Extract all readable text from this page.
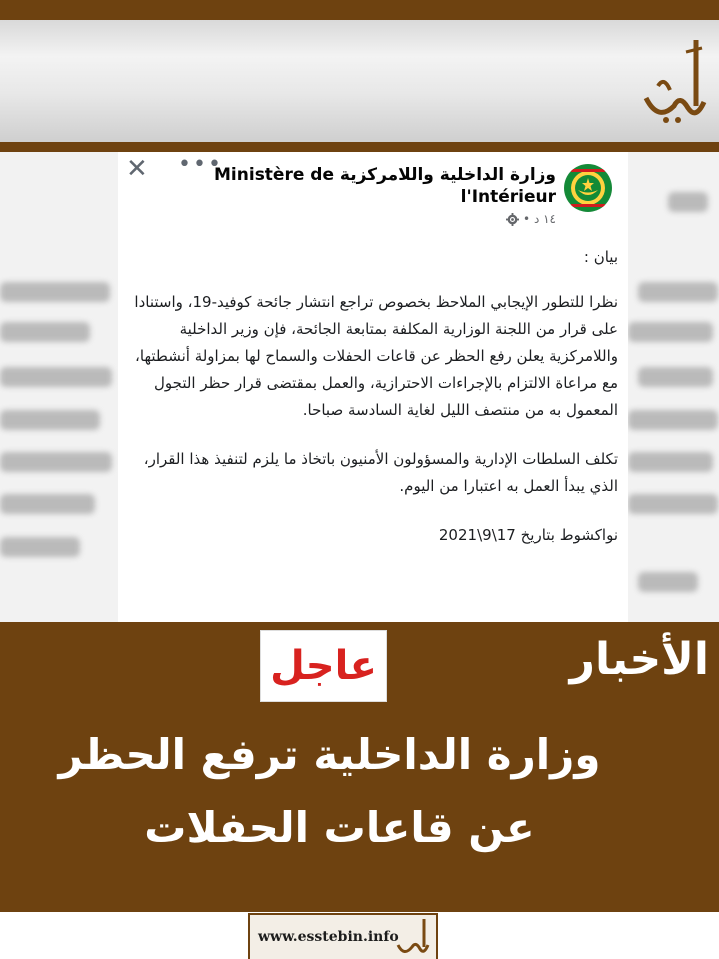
✕ •••
وزارة الداخلية واللامركزية Ministère de l'Intérieur
١٤ د •

بيان :

نظرا للتطور الإيجابي الملاحظ بخصوص تراجع انتشار جائحة كوفيد-19، واستنادا على قرار من اللجنة الوزارية المكلفة بمتابعة الجائحة، فإن وزير الداخلية واللامركزية يعلن رفع الحظر عن قاعات الحفلات والسماح لها بمزاولة أنشطتها، مع مراعاة الالتزام بالإجراءات الاحترازية، والعمل بمقتضى قرار حظر التجول المعمول به من منتصف الليل لغاية السادسة صباحا.

تكلف السلطات الإدارية والمسؤولون الأمنيون باتخاذ ما يلزم لتنفيذ هذا القرار، الذي يبدأ العمل به اعتبارا من اليوم.

نواكشوط بتاريخ 17\9\2021

عاجل	الأخبار
وزارة الداخلية ترفع الحظر
عن قاعات الحفلات
www.esstebin.info
